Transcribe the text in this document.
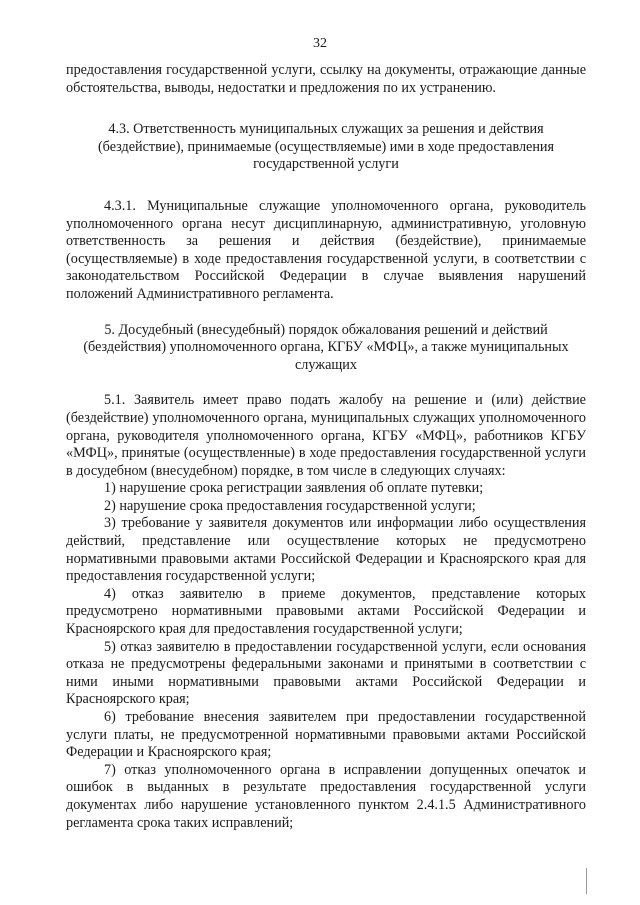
32

предоставления государственной услуги, ссылку на документы, отражающие данные обстоятельства, выводы, недостатки и предложения по их устранению.

4.3. Ответственность муниципальных служащих за решения и действия (бездействие), принимаемые (осуществляемые) ими в ходе предоставления государственной услуги

4.3.1. Муниципальные служащие уполномоченного органа, руководитель уполномоченного органа несут дисциплинарную, административную, уголовную ответственность за решения и действия (бездействие), принимаемые (осуществляемые) в ходе предоставления государственной услуги, в соответствии с законодательством Российской Федерации в случае выявления нарушений положений Административного регламента.

5. Досудебный (внесудебный) порядок обжалования решений и действий (бездействия) уполномоченного органа, КГБУ «МФЦ», а также муниципальных служащих

5.1. Заявитель имеет право подать жалобу на решение и (или) действие (бездействие) уполномоченного органа, муниципальных служащих уполномоченного органа, руководителя уполномоченного органа, КГБУ «МФЦ», работников КГБУ «МФЦ», принятые (осуществленные) в ходе предоставления государственной услуги в досудебном (внесудебном) порядке, в том числе в следующих случаях:

1) нарушение срока регистрации заявления об оплате путевки;

2) нарушение срока предоставления государственной услуги;

3) требование у заявителя документов или информации либо осуществления действий, представление или осуществление которых не предусмотрено нормативными правовыми актами Российской Федерации и Красноярского края для предоставления государственной услуги;

4) отказ заявителю в приеме документов, представление которых предусмотрено нормативными правовыми актами Российской Федерации и Красноярского края для предоставления государственной услуги;

5) отказ заявителю в предоставлении государственной услуги, если основания отказа не предусмотрены федеральными законами и принятыми в соответствии с ними иными нормативными правовыми актами Российской Федерации и Красноярского края;

6) требование внесения заявителем при предоставлении государственной услуги платы, не предусмотренной нормативными правовыми актами Российской Федерации и Красноярского края;

7) отказ уполномоченного органа в исправлении допущенных опечаток и ошибок в выданных в результате предоставления государственной услуги документах либо нарушение установленного пунктом 2.4.1.5 Административного регламента срока таких исправлений;
